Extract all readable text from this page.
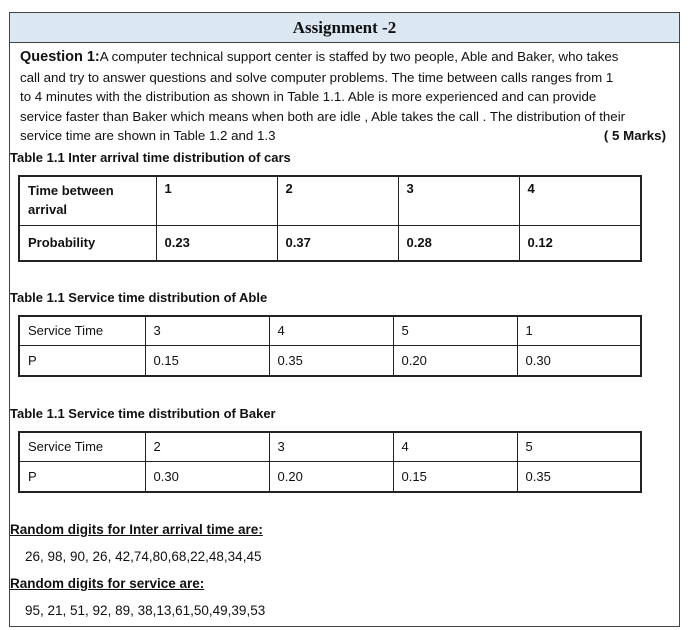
Assignment -2
Question 1:A computer technical support center is staffed by two people, Able and Baker, who takes
call and try to answer questions and solve computer problems. The time between calls ranges from 1
to 4 minutes with the distribution as shown in Table 1.1. Able is more experienced and can provide
service faster than Baker which means when both are idle , Able takes the call . The distribution of their
service time are shown in Table 1.2 and 1.3	( 5 Marks)
Table 1.1 Inter arrival time distribution of cars
Time between
arrival	1	2	3	4
Probability	0.23	0.37	0.28	0.12
Table 1.1 Service time distribution of Able
Service Time	3	4	5	1
P	0.15	0.35	0.20	0.30
Table 1.1 Service time distribution of Baker
Service Time	2	3	4	5
P	0.30	0.20	0.15	0.35
Random digits for Inter arrival time are:
26, 98, 90, 26, 42,74,80,68,22,48,34,45
Random digits for service are:
95, 21, 51, 92, 89, 38,13,61,50,49,39,53
